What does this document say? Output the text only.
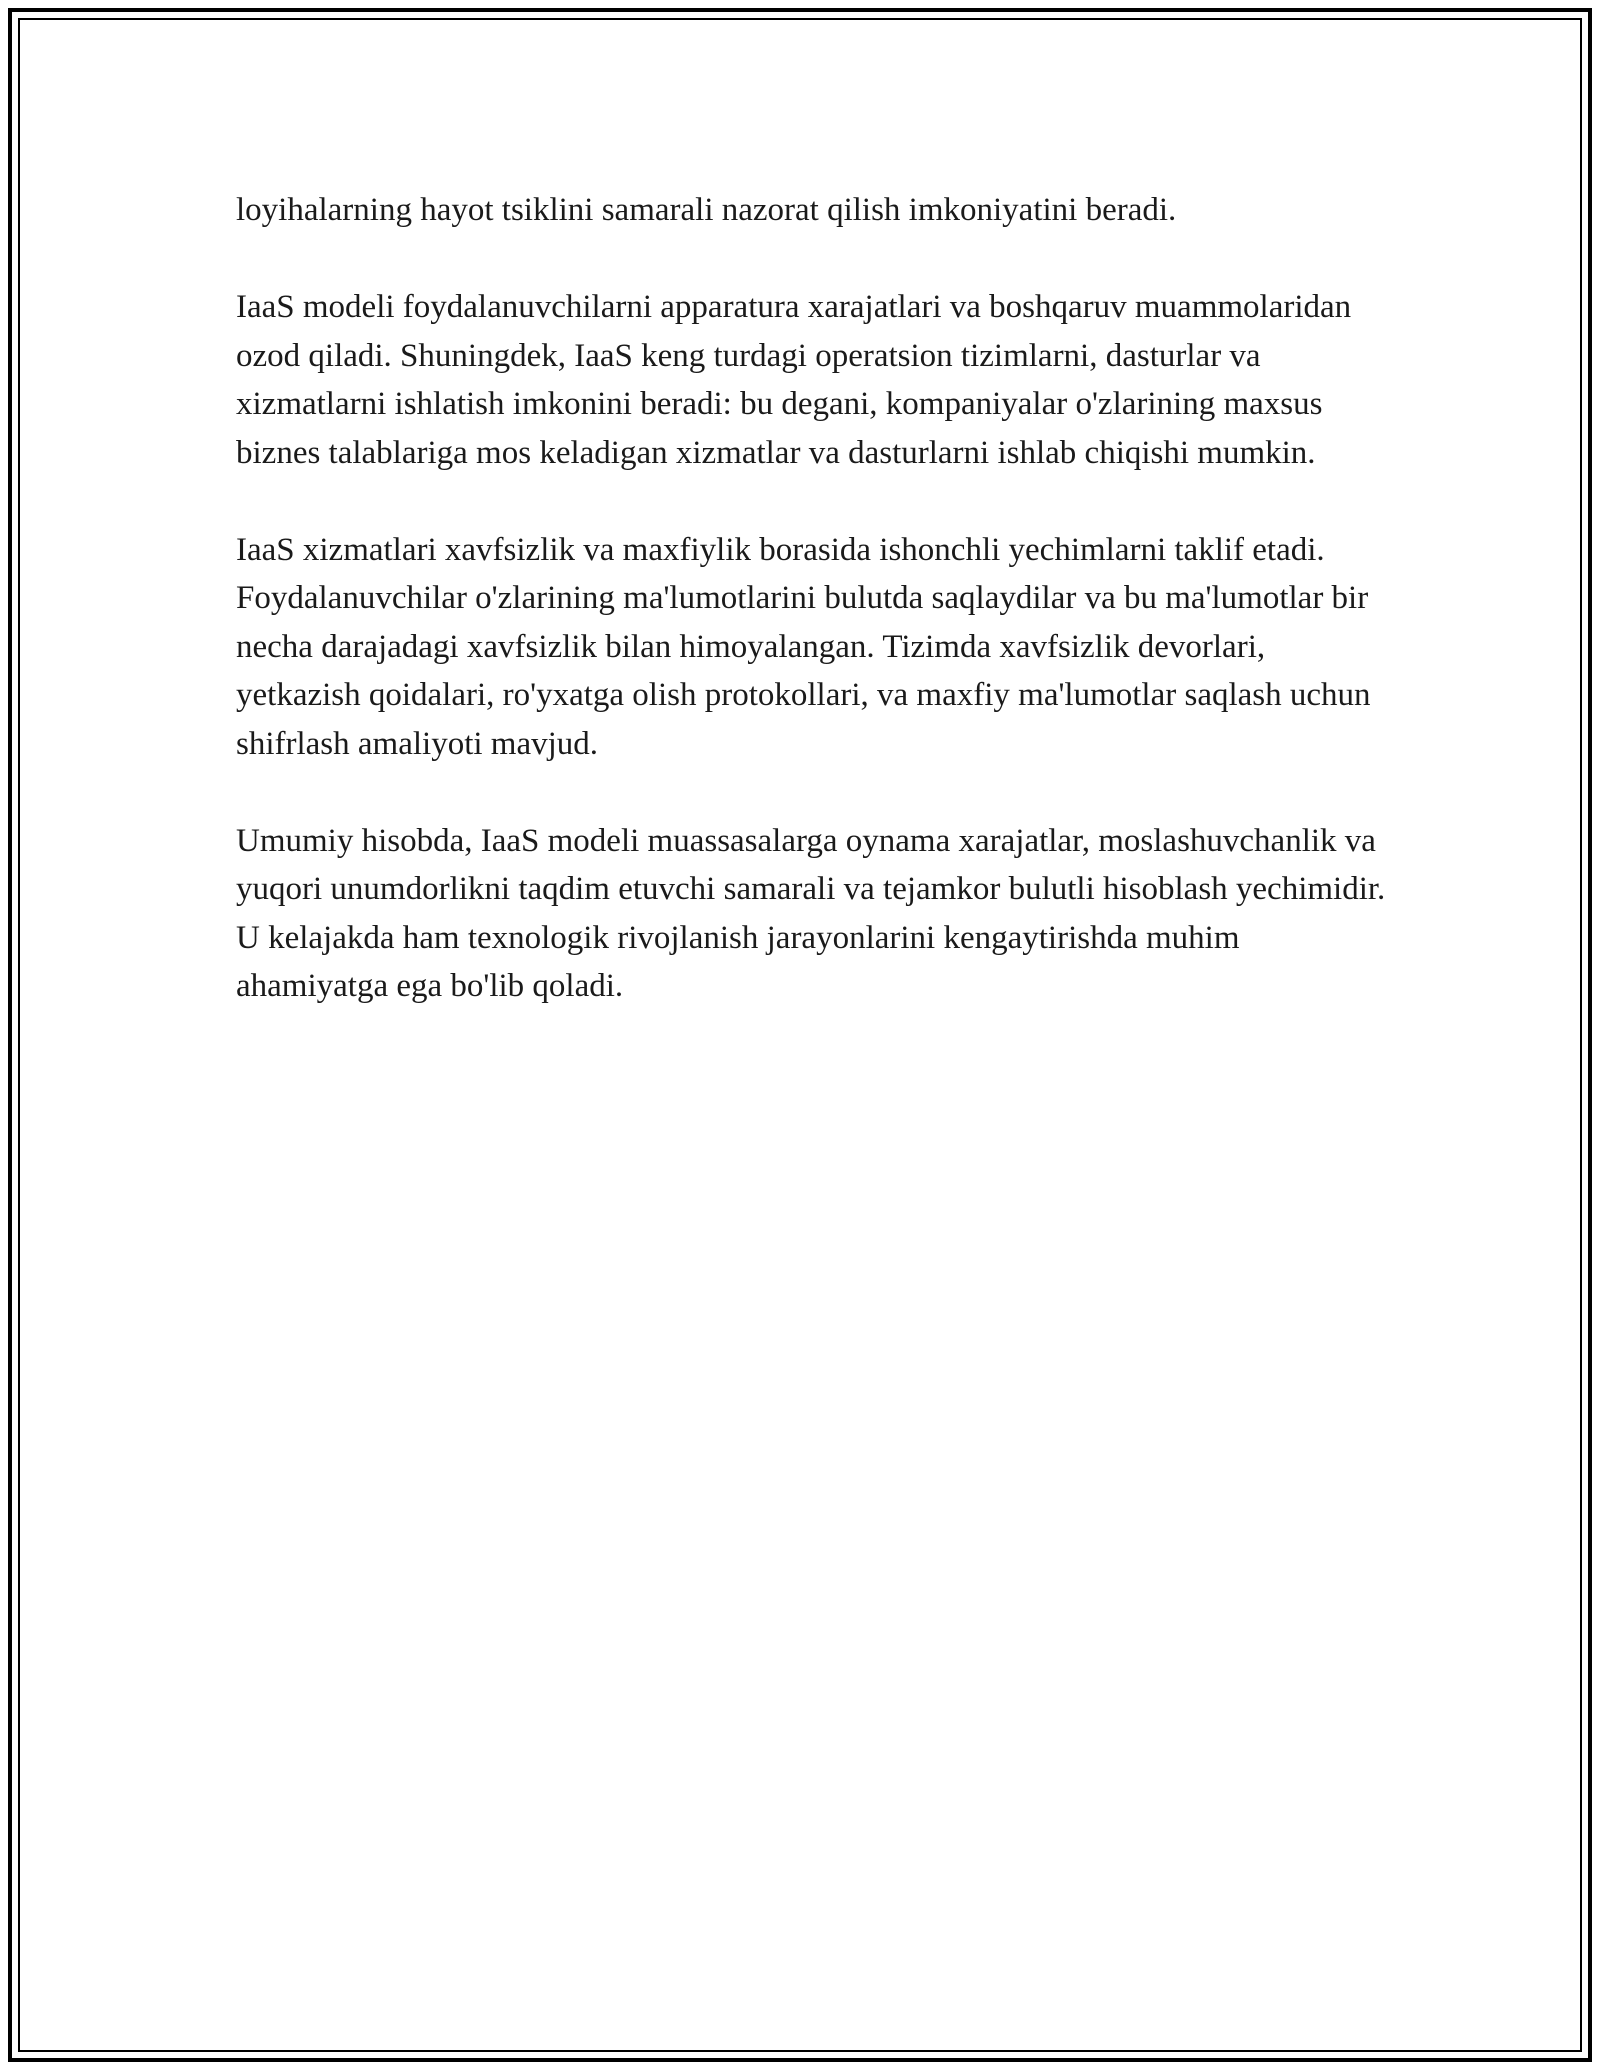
loyihalarning hayot tsiklini samarali nazorat qilish imkoniyatini beradi.

IaaS modeli foydalanuvchilarni apparatura xarajatlari va boshqaruv muammolaridan ozod qiladi. Shuningdek, IaaS keng turdagi operatsion tizimlarni, dasturlar va xizmatlarni ishlatish imkonini beradi: bu degani, kompaniyalar o'zlarining maxsus biznes talablariga mos keladigan xizmatlar va dasturlarni ishlab chiqishi mumkin.

IaaS xizmatlari xavfsizlik va maxfiylik borasida ishonchli yechimlarni taklif etadi. Foydalanuvchilar o'zlarining ma'lumotlarini bulutda saqlaydilar va bu ma'lumotlar bir necha darajadagi xavfsizlik bilan himoyalangan. Tizimda xavfsizlik devorlari, yetkazish qoidalari, ro'yxatga olish protokollari, va maxfiy ma'lumotlar saqlash uchun shifrlash amaliyoti mavjud.

Umumiy hisobda, IaaS modeli muassasalarga oynama xarajatlar, moslashuvchanlik va yuqori unumdorlikni taqdim etuvchi samarali va tejamkor bulutli hisoblash yechimidir. U kelajakda ham texnologik rivojlanish jarayonlarini kengaytirishda muhim ahamiyatga ega bo'lib qoladi.
